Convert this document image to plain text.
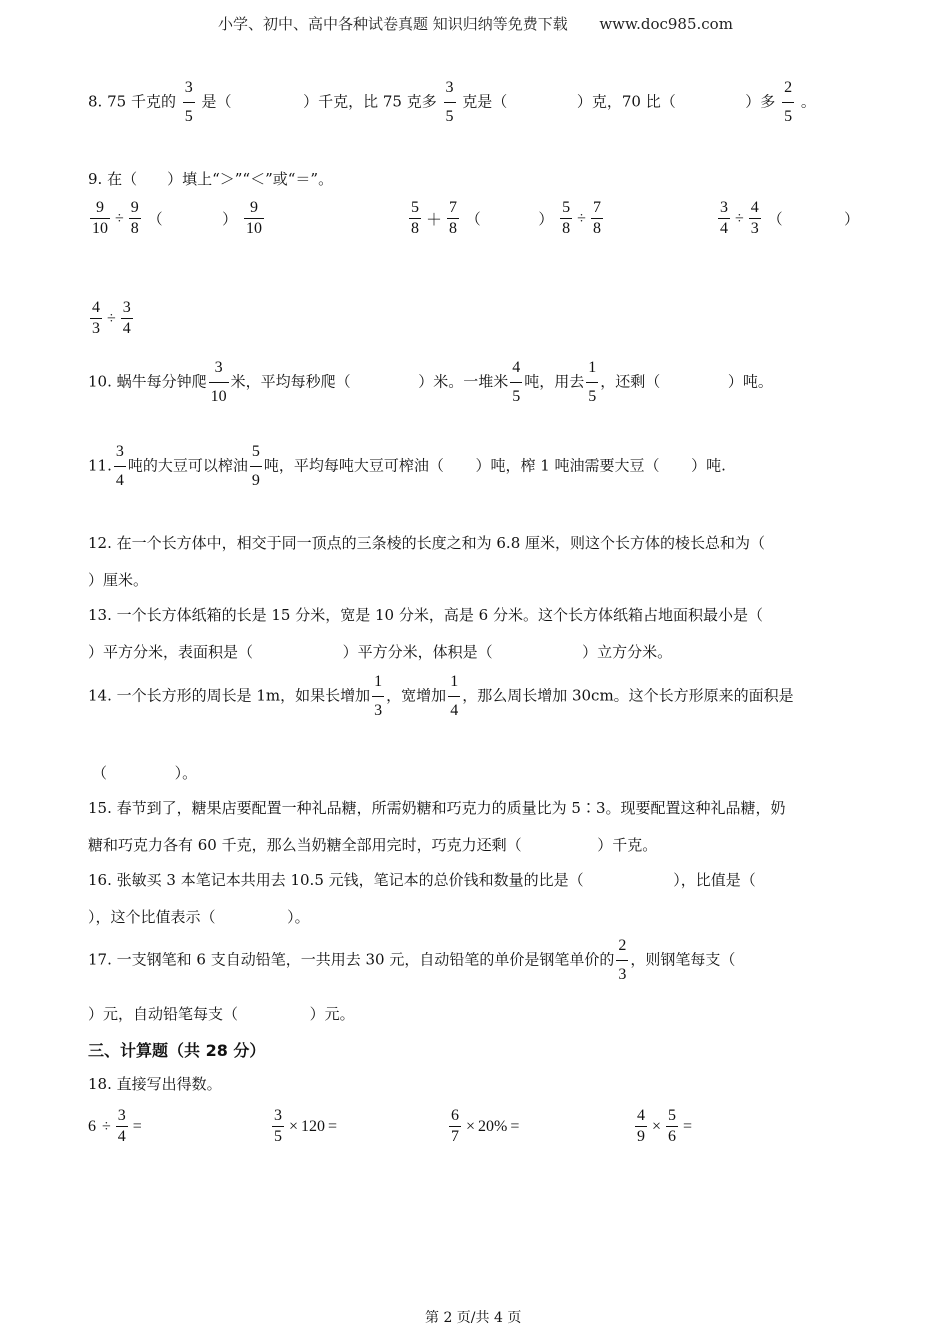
小学、初中、高中各种试卷真题 知识归纳等免费下载 www.doc985.com
8. 75 千克的 $\frac{3}{5}$ 是（	）千克，比 75 克多 $\frac{3}{5}$ 克是（	）克，70 比（	）多 $\frac{2}{5}$ 。
9. 在（　　）填上“＞”“＜”或“＝”。
$\frac{9}{10} \div \frac{9}{8}$ （	） $\frac{9}{10}$	$\frac{5}{8} + \frac{7}{8}$ （	） $\frac{5}{8} \div \frac{7}{8}$	$\frac{3}{4} \div \frac{4}{3}$ （	）
$\frac{4}{3} \div \frac{3}{4}$
10. 蜗牛每分钟爬 $\frac{3}{10}$ 米，平均每秒爬（	）米。一堆米 $\frac{4}{5}$ 吨，用去 $\frac{1}{5}$ ，还剩（	）吨。
11. $\frac{3}{4}$ 吨的大豆可以榨油 $\frac{5}{9}$ 吨，平均每吨大豆可榨油（ ）吨，榨 1 吨油需要大豆（ ）吨.
12. 在一个长方体中，相交于同一顶点的三条棱的长度之和为 6.8 厘米，则这个长方体的棱长总和为（
）厘米。
13. 一个长方体纸箱的长是 15 分米，宽是 10 分米，高是 6 分米。这个长方体纸箱占地面积最小是（
）平方分米，表面积是（	）平方分米，体积是（	）立方分米。
14. 一个长方形的周长是 1m，如果长增加 $\frac{1}{3}$ ，宽增加 $\frac{1}{4}$ ，那么周长增加 30cm。这个长方形原来的面积是
（	）。
15. 春节到了，糖果店要配置一种礼品糖，所需奶糖和巧克力的质量比为 5∶3。现要配置这种礼品糖，奶
糖和巧克力各有 60 千克，那么当奶糖全部用完时，巧克力还剩（	）千克。
16. 张敏买 3 本笔记本共用去 10.5 元钱，笔记本的总价钱和数量的比是（	），比值是（
），这个比值表示（	）。
17. 一支钢笔和 6 支自动铅笔，一共用去 30 元，自动铅笔的单价是钢笔单价的 $\frac{2}{3}$ ，则钢笔每支（
）元，自动铅笔每支（	）元。
三、计算题（共 28 分）
18. 直接写出得数。
$6 \div \frac{3}{4}$ =	$\frac{3}{5} \times 120$ =	$\frac{6}{7} \times 20\%$ =	$\frac{4}{9} \times \frac{5}{6}$ =
第 2 页/共 4 页
